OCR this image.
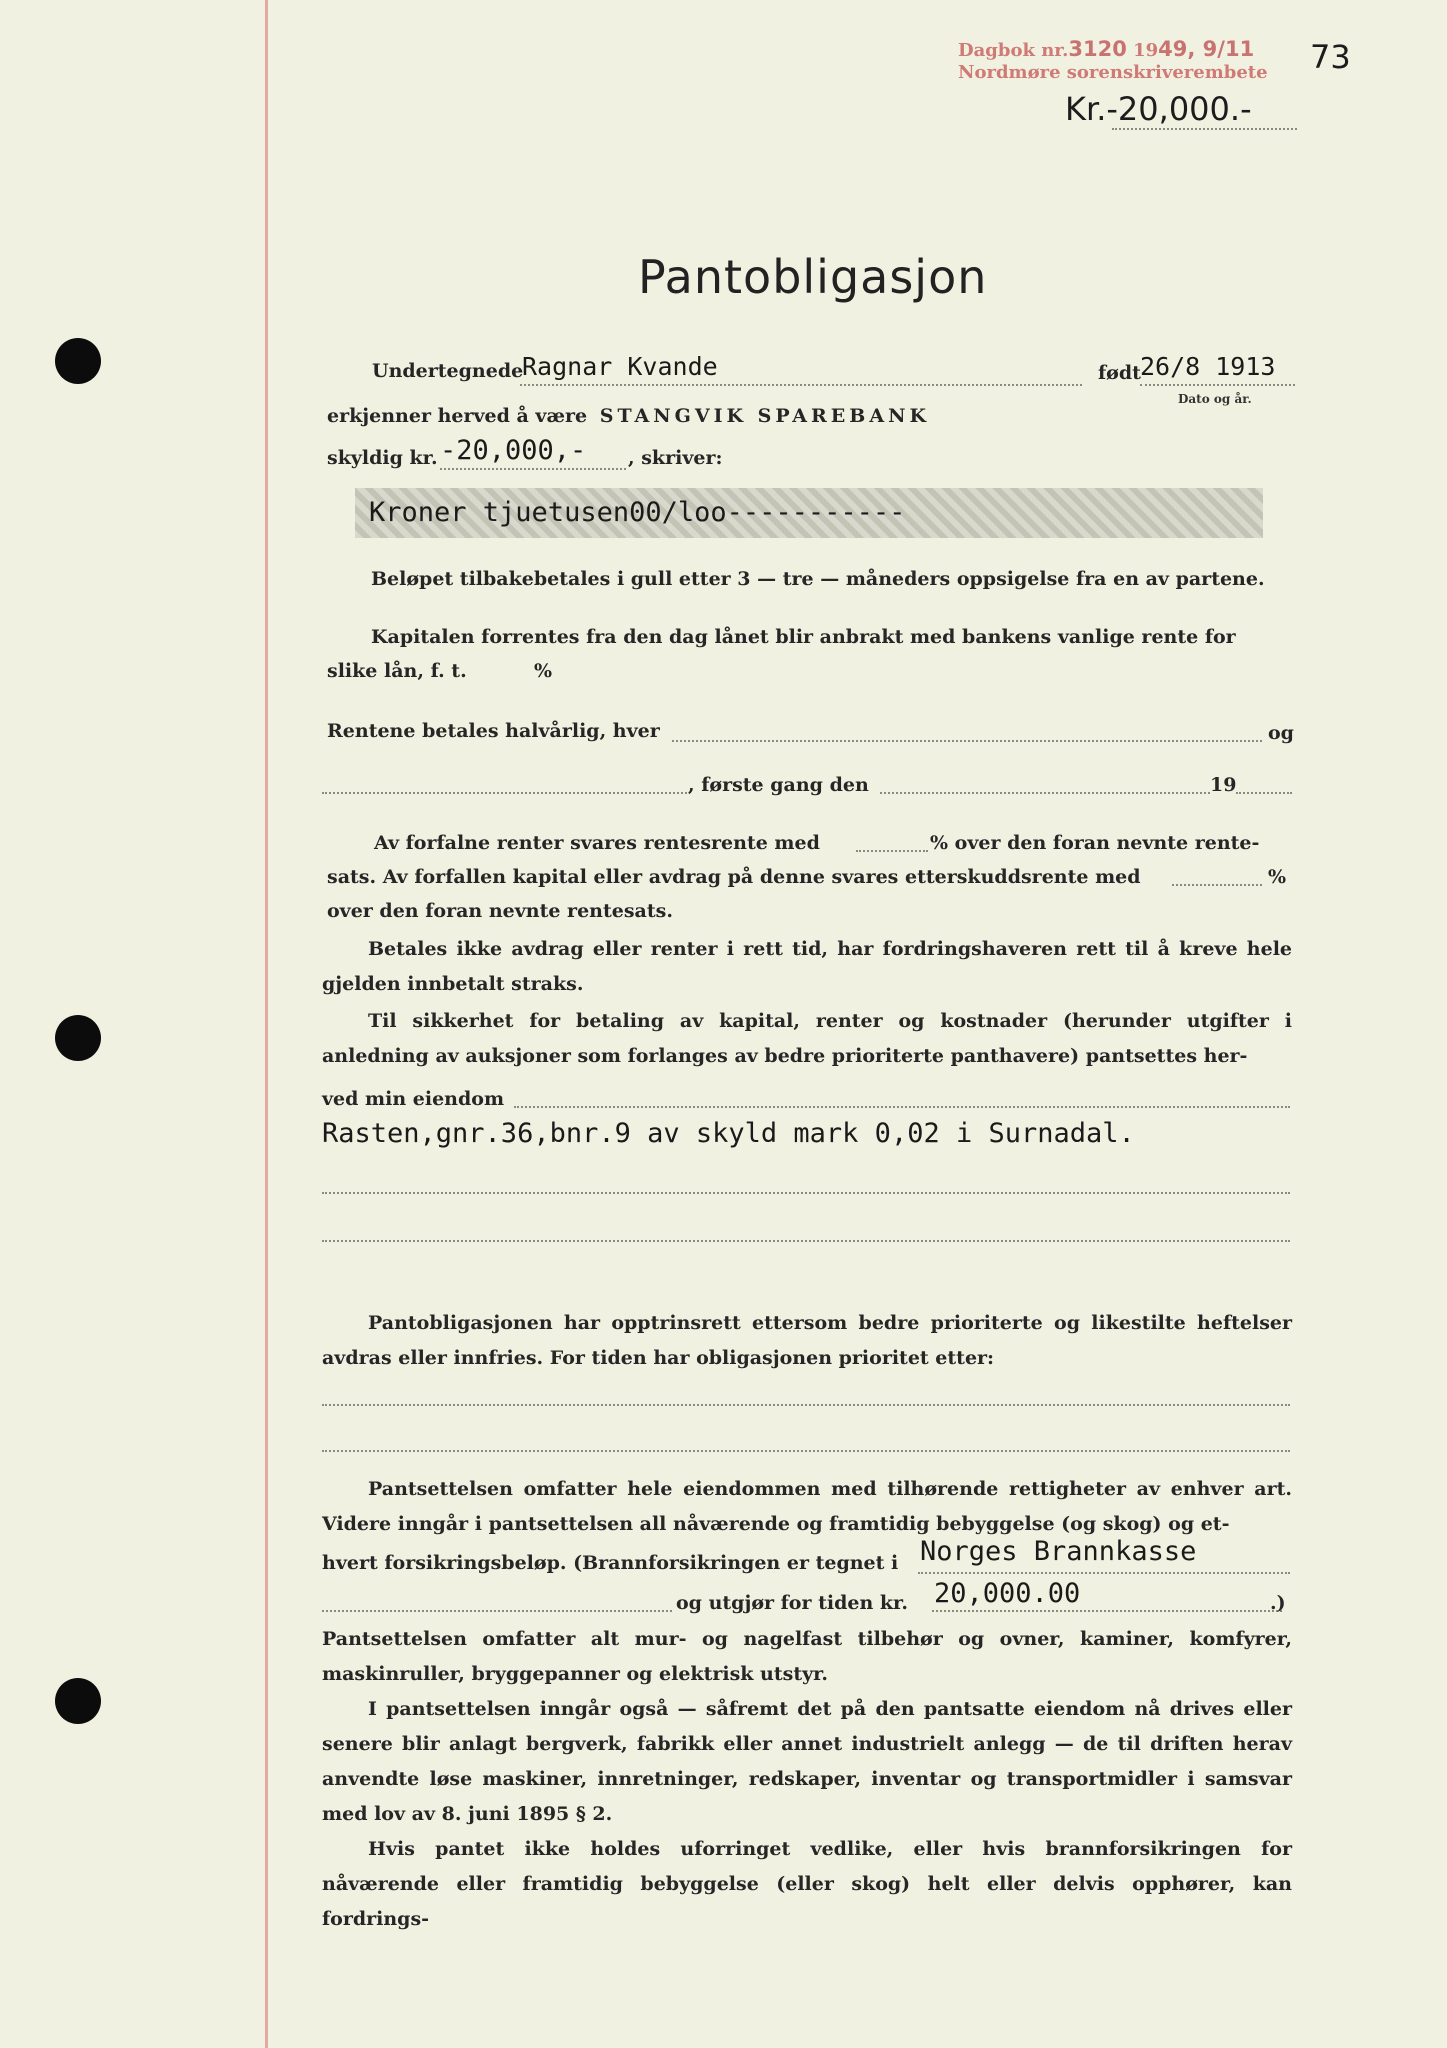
Dagbok nr.3120 1949, 9/11
Nordmøre sorenskriverembete 73
Kr.-20,000.-
Pantobligasjon
Undertegnede
Ragnar Kvande	født 26/8 1913
Dato og år.
erkjenner herved å være STANGVIK SPAREBANK
skyldig kr. -20,000,- , skriver:
Kroner tjuetusen00/loo-----------
Beløpet tilbakebetales i gull etter 3 — tre — måneders oppsigelse fra en av partene.
Kapitalen forrentes fra den dag lånet blir anbrakt med bankens vanlige rente for
slike lån, f. t.	%
Rentene betales halvårlig, hver	og
, første gang den	19
Av forfalne renter svares rentesrente med	% over den foran nevnte rente-
sats. Av forfallen kapital eller avdrag på denne svares etterskuddsrente med	%
over den foran nevnte rentesats.
Betales ikke avdrag eller renter i rett tid, har fordringshaveren rett til å kreve hele gjelden innbetalt straks.
Til sikkerhet for betaling av kapital, renter og kostnader (herunder utgifter i anledning av auksjoner som forlanges av bedre prioriterte panthavere) pantsettes her-
ved min eiendom
Rasten,gnr.36,bnr.9 av skyld mark 0,02 i Surnadal.
Pantobligasjonen har opptrinsrett ettersom bedre prioriterte og likestilte heftelser avdras eller innfries. For tiden har obligasjonen prioritet etter:
Pantsettelsen omfatter hele eiendommen med tilhørende rettigheter av enhver art. Videre inngår i pantsettelsen all nåværende og framtidig bebyggelse (og skog) og et-
hvert forsikringsbeløp. (Brannforsikringen er tegnet i Norges Brannkasse
og utgjør for tiden kr. 20,000.00	.)
Pantsettelsen omfatter alt mur- og nagelfast tilbehør og ovner, kaminer, komfyrer, maskinruller, bryggepanner og elektrisk utstyr.
I pantsettelsen inngår også — såfremt det på den pantsatte eiendom nå drives eller senere blir anlagt bergverk, fabrikk eller annet industrielt anlegg — de til driften herav anvendte løse maskiner, innretninger, redskaper, inventar og transportmidler i samsvar med lov av 8. juni 1895 § 2.
Hvis pantet ikke holdes uforringet vedlike, eller hvis brannforsikringen for nåværende eller framtidig bebyggelse (eller skog) helt eller delvis opphører, kan fordrings-
